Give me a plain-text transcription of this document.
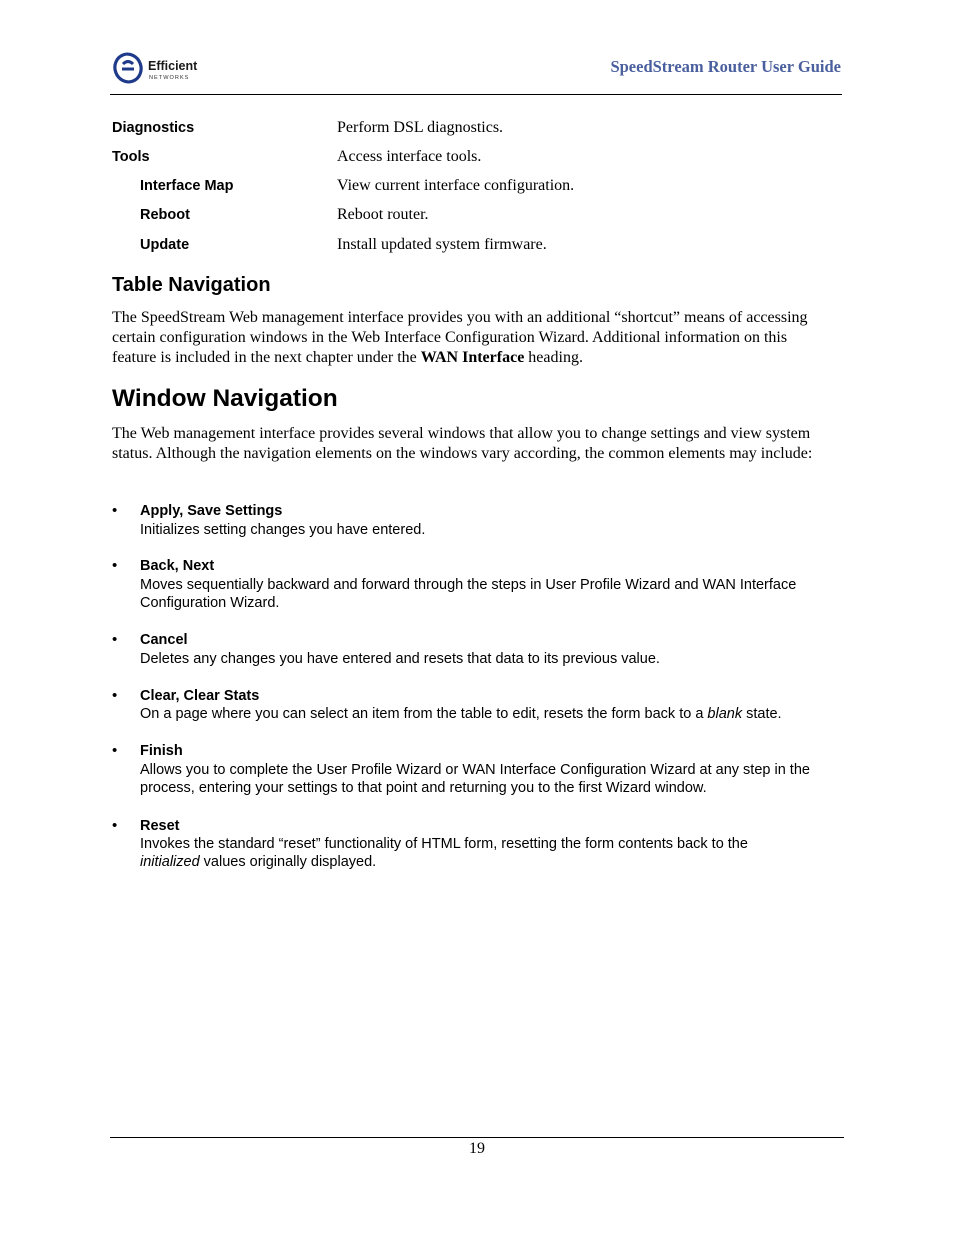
Efficient
NETWORKS
SpeedStream Router User Guide
Diagnostics	Perform DSL diagnostics.
Tools	Access interface tools.
Interface Map	View current interface configuration.
Reboot	Reboot router.
Update	Install updated system firmware.
Table Navigation

The SpeedStream Web management interface provides you with an additional “shortcut” means of accessing certain configuration windows in the Web Interface Configuration Wizard. Additional information on this feature is included in the next chapter under the WAN Interface heading.

Window Navigation

The Web management interface provides several windows that allow you to change settings and view system status. Although the navigation elements on the windows vary according, the common elements may include:

• Apply, Save Settings
Initializes setting changes you have entered.
• Back, Next
Moves sequentially backward and forward through the steps in User Profile Wizard and WAN Interface Configuration Wizard.
• Cancel
Deletes any changes you have entered and resets that data to its previous value.
• Clear, Clear Stats
On a page where you can select an item from the table to edit, resets the form back to a blank state.
• Finish
Allows you to complete the User Profile Wizard or WAN Interface Configuration Wizard at any step in the process, entering your settings to that point and returning you to the first Wizard window.
• Reset
Invokes the standard “reset” functionality of HTML form, resetting the form contents back to the initialized values originally displayed.
19
